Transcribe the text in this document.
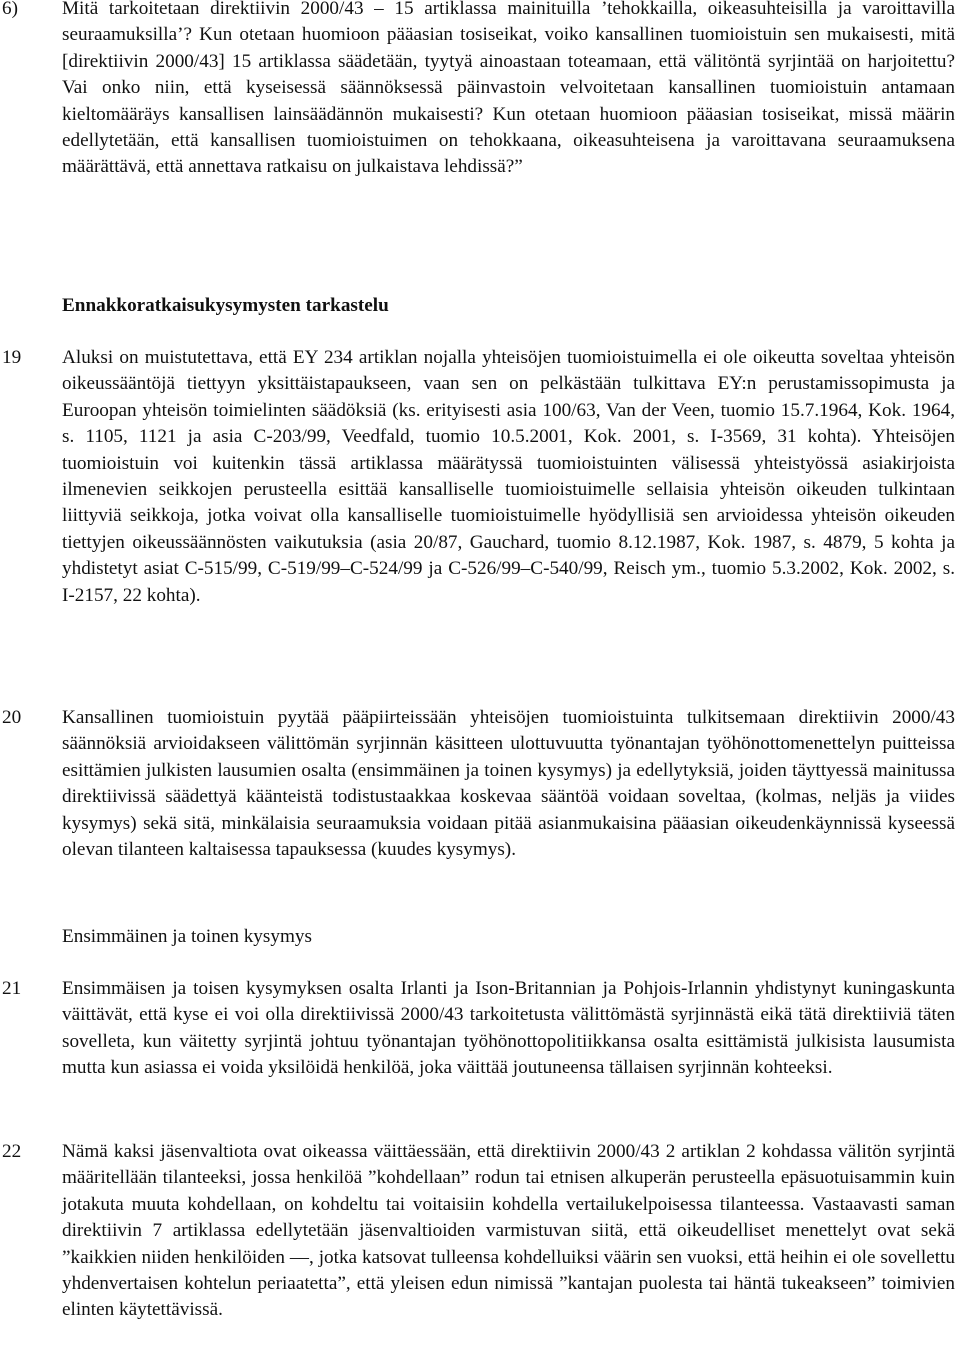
6) Mitä tarkoitetaan direktiivin 2000/43 – 15 artiklassa mainituilla ’tehokkailla, oikeasuhteisilla ja varoittavilla seuraamuksilla’? Kun otetaan huomioon pääasian tosiseikat, voiko kansallinen tuomioistuin sen mukaisesti, mitä [direktiivin 2000/43] 15 artiklassa säädetään, tyytyä ainoastaan toteamaan, että välitöntä syrjintää on harjoitettu? Vai onko niin, että kyseisessä säännöksessä päinvastoin velvoitetaan kansallinen tuomioistuin antamaan kieltomääräys kansallisen lainsäädännön mukaisesti? Kun otetaan huomioon pääasian tosiseikat, missä määrin edellytetään, että kansallisen tuomioistuimen on tehokkaana, oikeasuhteisena ja varoittavana seuraamuksena määrättävä, että annettava ratkaisu on julkaistava lehdissä?”

Ennakkoratkaisukysymysten tarkastelu

19 Aluksi on muistutettava, että EY 234 artiklan nojalla yhteisöjen tuomioistuimella ei ole oikeutta soveltaa yhteisön oikeussääntöjä tiettyyn yksittäistapaukseen, vaan sen on pelkästään tulkittava EY:n perustamissopimusta ja Euroopan yhteisön toimielinten säädöksiä (ks. erityisesti asia 100/63, Van der Veen, tuomio 15.7.1964, Kok. 1964, s. 1105, 1121 ja asia C-203/99, Veedfald, tuomio 10.5.2001, Kok. 2001, s. I-3569, 31 kohta). Yhteisöjen tuomioistuin voi kuitenkin tässä artiklassa määrätyssä tuomioistuinten välisessä yhteistyössä asiakirjoista ilmenevien seikkojen perusteella esittää kansalliselle tuomioistuimelle sellaisia yhteisön oikeuden tulkintaan liittyviä seikkoja, jotka voivat olla kansalliselle tuomioistuimelle hyödyllisiä sen arvioidessa yhteisön oikeuden tiettyjen oikeussäännösten vaikutuksia (asia 20/87, Gauchard, tuomio 8.12.1987, Kok. 1987, s. 4879, 5 kohta ja yhdistetyt asiat C-515/99, C-519/99–C-524/99 ja C-526/99–C-540/99, Reisch ym., tuomio 5.3.2002, Kok. 2002, s. I-2157, 22 kohta).

20 Kansallinen tuomioistuin pyytää pääpiirteissään yhteisöjen tuomioistuinta tulkitsemaan direktiivin 2000/43 säännöksiä arvioidakseen välittömän syrjinnän käsitteen ulottuvuutta työnantajan työhönottomenettelyn puitteissa esittämien julkisten lausumien osalta (ensimmäinen ja toinen kysymys) ja edellytyksiä, joiden täyttyessä mainitussa direktiivissä säädettyä käänteistä todistustaakkaa koskevaa sääntöä voidaan soveltaa, (kolmas, neljäs ja viides kysymys) sekä sitä, minkälaisia seuraamuksia voidaan pitää asianmukaisina pääasian oikeudenkäynnissä kyseessä olevan tilanteen kaltaisessa tapauksessa (kuudes kysymys).

Ensimmäinen ja toinen kysymys

21 Ensimmäisen ja toisen kysymyksen osalta Irlanti ja Ison-Britannian ja Pohjois-Irlannin yhdistynyt kuningaskunta väittävät, että kyse ei voi olla direktiivissä 2000/43 tarkoitetusta välittömästä syrjinnästä eikä tätä direktiiviä täten sovelleta, kun väitetty syrjintä johtuu työnantajan työhönottopolitiikkansa osalta esittämistä julkisista lausumista mutta kun asiassa ei voida yksilöidä henkilöä, joka väittää joutuneensa tällaisen syrjinnän kohteeksi.

22 Nämä kaksi jäsenvaltiota ovat oikeassa väittäessään, että direktiivin 2000/43 2 artiklan 2 kohdassa välitön syrjintä määritellään tilanteeksi, jossa henkilöä ”kohdellaan” rodun tai etnisen alkuperän perusteella epäsuotuisammin kuin jotakuta muuta kohdellaan, on kohdeltu tai voitaisiin kohdella vertailukelpoisessa tilanteessa. Vastaavasti saman direktiivin 7 artiklassa edellytetään jäsenvaltioiden varmistuvan siitä, että oikeudelliset menettelyt ovat sekä ”kaikkien niiden henkilöiden ––, jotka katsovat tulleensa kohdelluiksi väärin sen vuoksi, että heihin ei ole sovellettu yhdenvertaisen kohtelun periaatetta”, että yleisen edun nimissä ”kantajan puolesta tai häntä tukeakseen” toimivien elinten käytettävissä.
